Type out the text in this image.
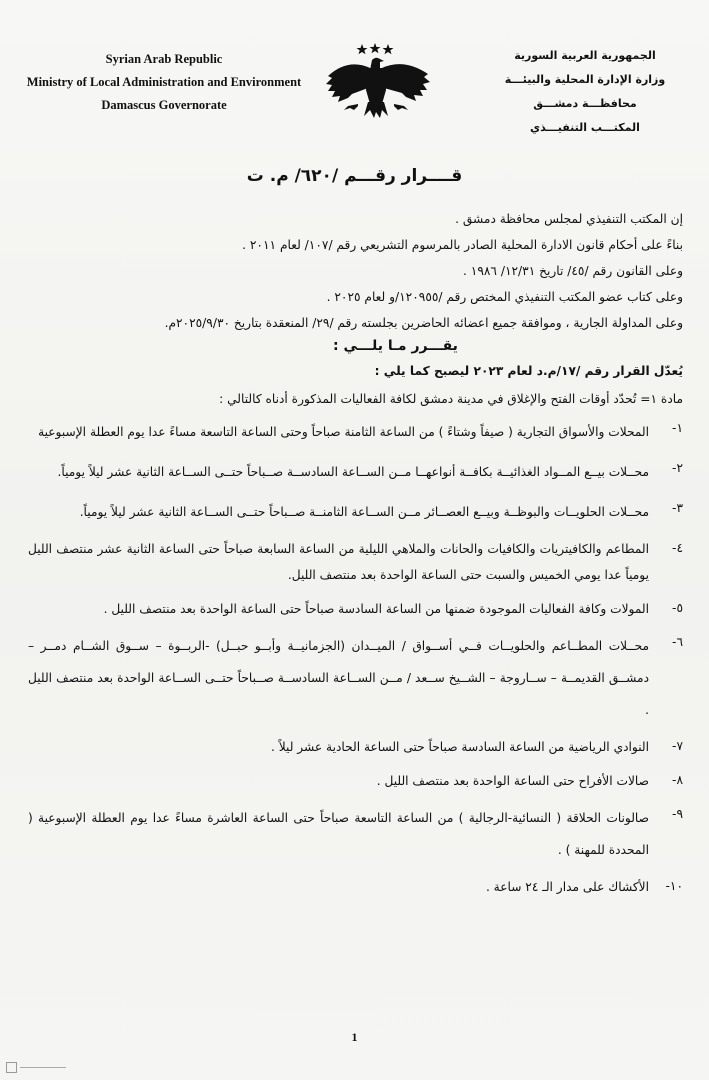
Syrian Arab Republic
Ministry of Local Administration and Environment
Damascus Governorate
الجمهورية العربية السورية
وزارة الإدارة المحلية والبيئـــة
محافظـــة دمشـــق
المكتـــب التنفيـــذي
قــــرار رقـــم /٦٢٠/ م. ت

إن المكتب التنفيذي لمجلس محافظة دمشق .

بناءً على أحكام قانون الادارة المحلية الصادر بالمرسوم التشريعي رقم /١٠٧/ لعام ٢٠١١ .

وعلى القانون رقم /٤٥/ تاريخ ١٢/٣١/ ١٩٨٦ .

وعلى كتاب عضو المكتب التنفيذي المختص رقم /١٢٠٩٥٥/و لعام ٢٠٢٥ .

وعلى المداولة الجارية ، وموافقة جميع اعضائه الحاضرين بجلسته رقم /٢٩/ المنعقدة بتاريخ ٢٠٢٥/٩/٣٠م.

يقـــرر مـا يلـــي :

يُعدّل القرار رقم /١٧/م.د لعام ٢٠٢٣ ليصبح كما يلي :

مادة ١= تُحدّد أوقات الفتح والإغلاق في مدينة دمشق لكافة الفعاليات المذكورة أدناه كالتالي :

١-
المحلات والأسواق التجارية ( صيفاً وشتاءً ) من الساعة الثامنة صباحاً وحتى الساعة التاسعة مساءً عدا يوم العطلة الإسبوعية
٢-
محــلات بيــع المــواد الغذائيــة بكافــة أنواعهــا مــن الســاعة السادســة صــباحاً حتــى الســاعة الثانية عشر ليلاً يومياً.
٣-
محــلات الحلويــات والبوظــة وبيــع العصــائر مــن الســاعة الثامنــة صــباحاً حتــى الســاعة الثانية عشر ليلاً يومياً.
٤-
المطاعم والكافيتريات والكافيات والحانات والملاهي الليلية من الساعة السابعة صباحاً حتى الساعة الثانية عشر منتصف الليل يومياً عدا يومي الخميس والسبت حتى الساعة الواحدة بعد منتصف الليل.
٥-
المولات وكافة الفعاليات الموجودة ضمنها من الساعة السادسة صباحاً حتى الساعة الواحدة بعد منتصف الليل .
٦-
محــلات المطــاعم والحلويــات فــي أســواق / الميــدان (الجزمانيــة وأبــو حبــل) -الربــوة – ســوق الشــام دمــر – دمشــق القديمــة – ســاروجة – الشــيخ ســعد / مــن الســاعة السادســة صــباحاً حتــى الســاعة الواحدة بعد منتصف الليل .
٧-
النوادي الرياضية من الساعة السادسة صباحاً حتى الساعة الحادية عشر ليلاً .
٨-
صالات الأفراح حتى الساعة الواحدة بعد منتصف الليل .
٩-
صالونات الحلاقة ( النسائية-الرجالية ) من الساعة التاسعة صباحاً حتى الساعة العاشرة مساءً عدا يوم العطلة الإسبوعية ( المحددة للمهنة ) .
١٠-
الأكشاك على مدار الـ ٢٤ ساعة .
1
